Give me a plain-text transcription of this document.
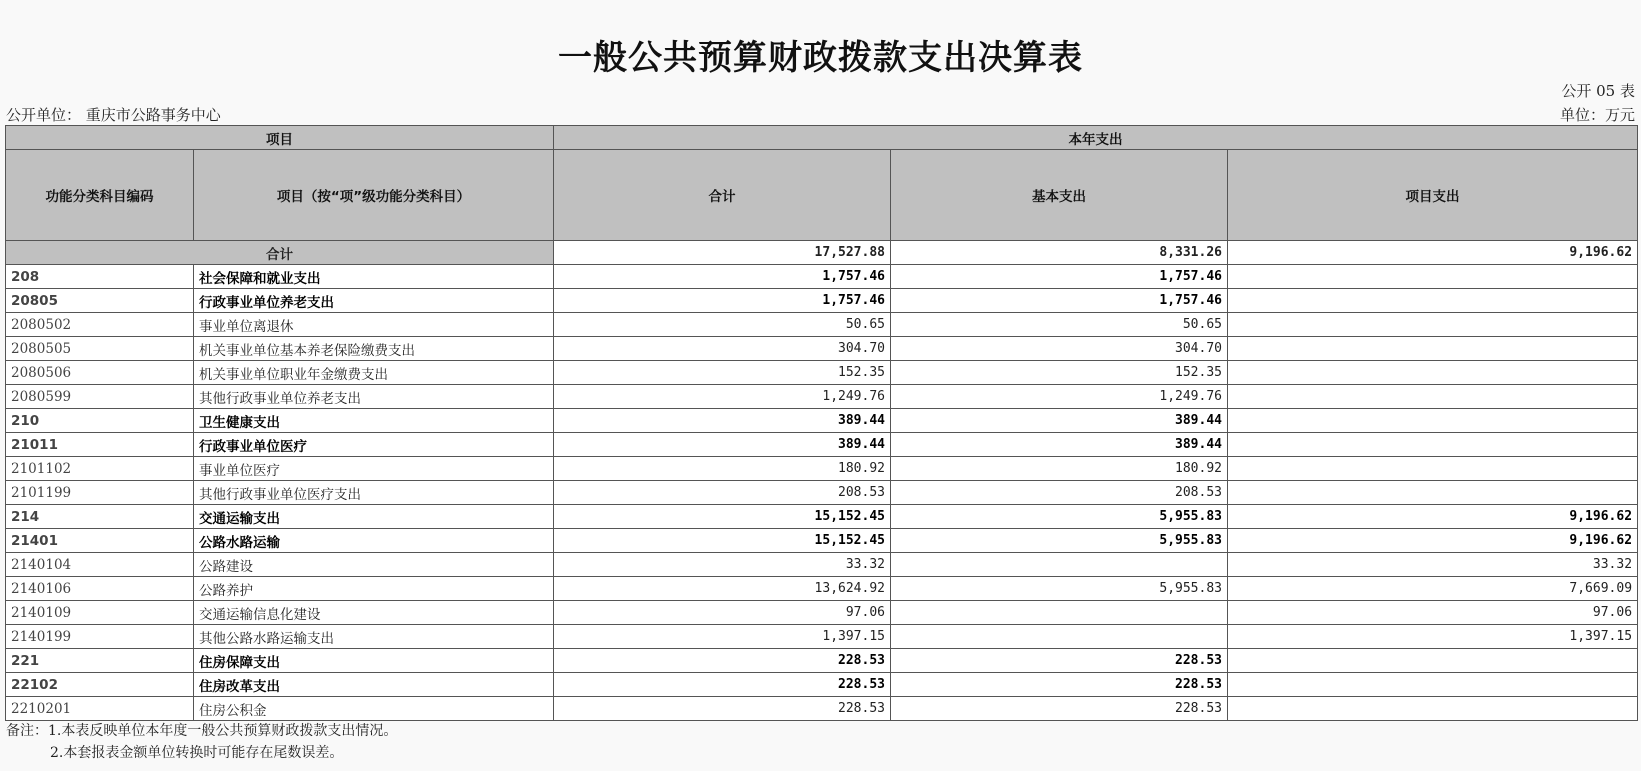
一般公共预算财政拨款支出决算表
公开 05 表
公开单位： 重庆市公路事务中心	单位：万元
项目		本年支出		
功能分类科目编码	项目（按“项”级功能分类科目）	合计	基本支出	项目支出
合计		17,527.88	8,331.26	9,196.62
208	社会保障和就业支出	1,757.46	1,757.46	
20805	行政事业单位养老支出	1,757.46	1,757.46	
2080502	事业单位离退休	50.65	50.65	
2080505	机关事业单位基本养老保险缴费支出	304.70	304.70	
2080506	机关事业单位职业年金缴费支出	152.35	152.35	
2080599	其他行政事业单位养老支出	1,249.76	1,249.76	
210	卫生健康支出	389.44	389.44	
21011	行政事业单位医疗	389.44	389.44	
2101102	事业单位医疗	180.92	180.92	
2101199	其他行政事业单位医疗支出	208.53	208.53	
214	交通运输支出	15,152.45	5,955.83	9,196.62
21401	公路水路运输	15,152.45	5,955.83	9,196.62
2140104	公路建设	33.32		33.32
2140106	公路养护	13,624.92	5,955.83	7,669.09
2140109	交通运输信息化建设	97.06		97.06
2140199	其他公路水路运输支出	1,397.15		1,397.15
221	住房保障支出	228.53	228.53	
22102	住房改革支出	228.53	228.53	
2210201	住房公积金	228.53	228.53	
备注：1.本表反映单位本年度一般公共预算财政拨款支出情况。
2.本套报表金额单位转换时可能存在尾数误差。
